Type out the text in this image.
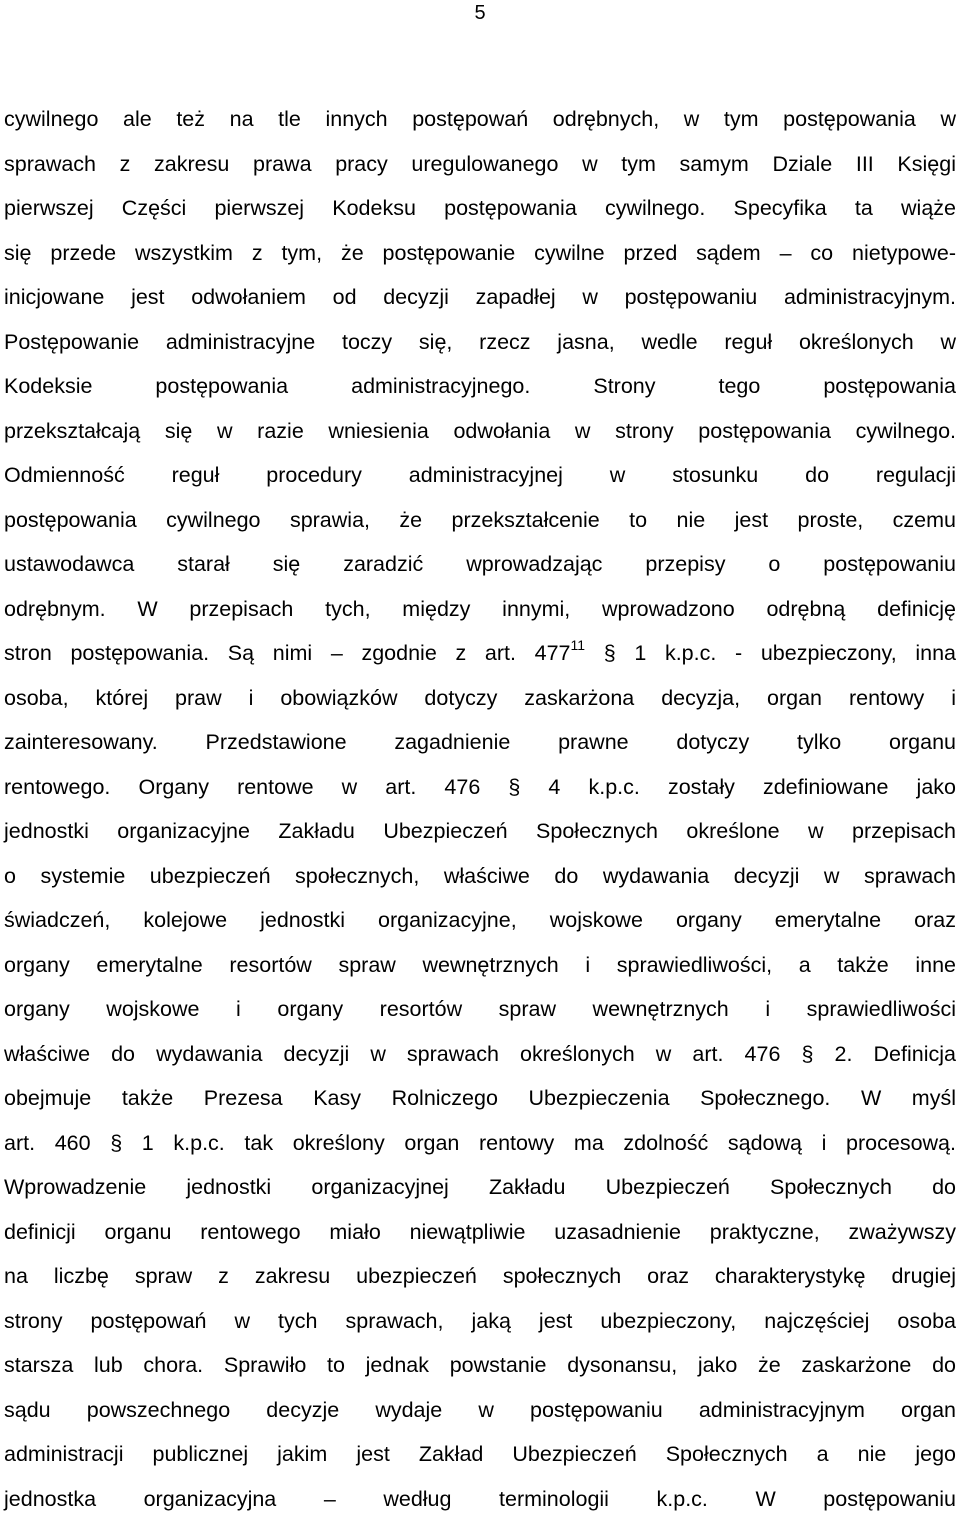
5
cywilnego ale też na tle innych postępowań odrębnych, w tym postępowania w
sprawach z zakresu prawa pracy uregulowanego w tym samym Dziale III Księgi
pierwszej Części pierwszej Kodeksu postępowania cywilnego. Specyfika ta wiąże
się przede wszystkim z tym, że postępowanie cywilne przed sądem – co nietypowe-
inicjowane jest odwołaniem od decyzji zapadłej w postępowaniu administracyjnym.
Postępowanie administracyjne toczy się, rzecz jasna, wedle reguł określonych w
Kodeksie postępowania administracyjnego. Strony tego postępowania
przekształcają się w razie wniesienia odwołania w strony postępowania cywilnego.
Odmienność reguł procedury administracyjnej w stosunku do regulacji
postępowania cywilnego sprawia, że przekształcenie to nie jest proste, czemu
ustawodawca starał się zaradzić wprowadzając przepisy o postępowaniu
odrębnym. W przepisach tych, między innymi, wprowadzono odrębną definicję
stron postępowania. Są nimi – zgodnie z art. $477^{11}$ § 1 k.p.c. - ubezpieczony, inna
osoba, której praw i obowiązków dotyczy zaskarżona decyzja, organ rentowy i
zainteresowany. Przedstawione zagadnienie prawne dotyczy tylko organu
rentowego. Organy rentowe w art. 476 § 4 k.p.c. zostały zdefiniowane jako
jednostki organizacyjne Zakładu Ubezpieczeń Społecznych określone w przepisach
o systemie ubezpieczeń społecznych, właściwe do wydawania decyzji w sprawach
świadczeń, kolejowe jednostki organizacyjne, wojskowe organy emerytalne oraz
organy emerytalne resortów spraw wewnętrznych i sprawiedliwości, a także inne
organy wojskowe i organy resortów spraw wewnętrznych i sprawiedliwości
właściwe do wydawania decyzji w sprawach określonych w art. 476 § 2. Definicja
obejmuje także Prezesa Kasy Rolniczego Ubezpieczenia Społecznego. W myśl
art. 460 § 1 k.p.c. tak określony organ rentowy ma zdolność sądową i procesową.
Wprowadzenie jednostki organizacyjnej Zakładu Ubezpieczeń Społecznych do
definicji organu rentowego miało niewątpliwie uzasadnienie praktyczne, zważywszy
na liczbę spraw z zakresu ubezpieczeń społecznych oraz charakterystykę drugiej
strony postępowań w tych sprawach, jaką jest ubezpieczony, najczęściej osoba
starsza lub chora. Sprawiło to jednak powstanie dysonansu, jako że zaskarżone do
sądu powszechnego decyzje wydaje w postępowaniu administracyjnym organ
administracji publicznej jakim jest Zakład Ubezpieczeń Społecznych a nie jego
jednostka organizacyjna – według terminologii k.p.c. W postępowaniu
